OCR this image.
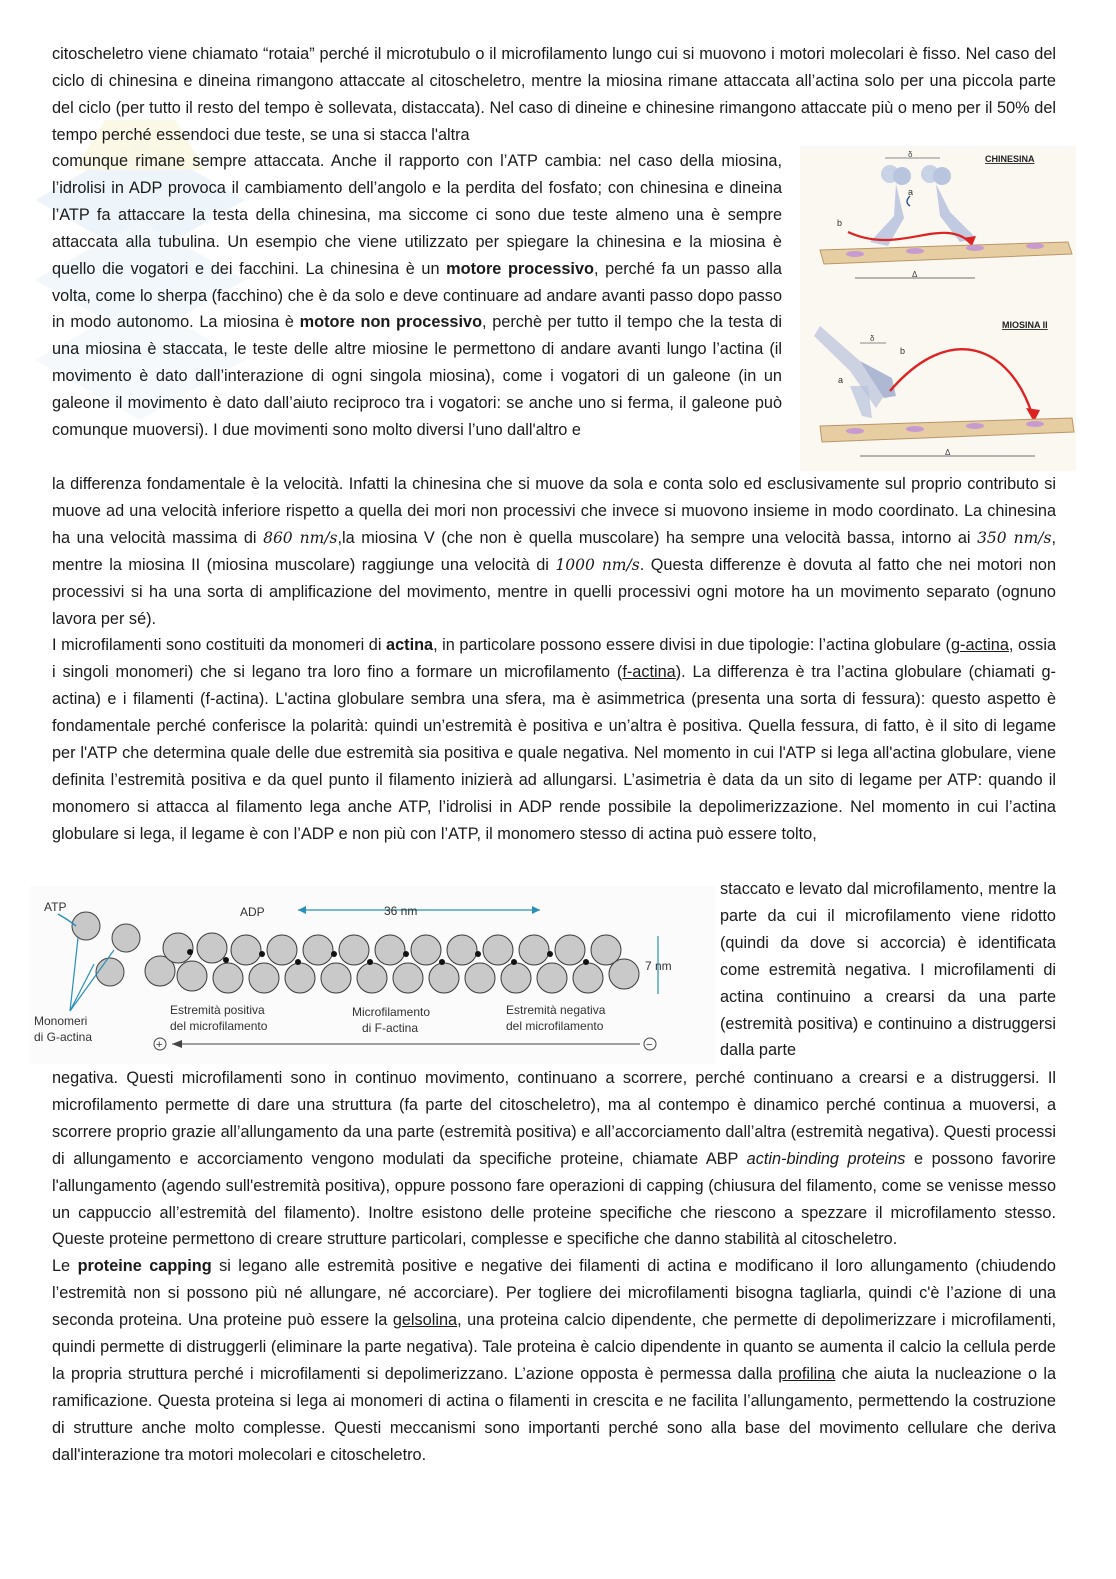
citoscheletro viene chiamato “rotaia” perché il microtubulo o il microfilamento lungo cui si muovono i motori molecolari è fisso. Nel caso del ciclo di chinesina e dineina rimangono attaccate al citoscheletro, mentre la miosina rimane attaccata all’actina solo per una piccola parte del ciclo (per tutto il resto del tempo è sollevata, distaccata). Nel caso di dineine e chinesine rimangono attaccate più o meno per il 50% del tempo perché essendoci due teste, se una si stacca l'altra

comunque rimane sempre attaccata. Anche il rapporto con l’ATP cambia: nel caso della miosina, l’idrolisi in ADP provoca il cambiamento dell’angolo e la perdita del fosfato; con chinesina e dineina l’ATP fa attaccare la testa della chinesina, ma siccome ci sono due teste almeno una è sempre attaccata alla tubulina. Un esempio che viene utilizzato per spiegare la chinesina e la miosina è quello die vogatori e dei facchini. La chinesina è un motore processivo, perché fa un passo alla volta, come lo sherpa (facchino) che è da solo e deve continuare ad andare avanti passo dopo passo in modo autonomo. La miosina è motore non processivo, perchè per tutto il tempo che la testa di una miosina è staccata, le teste delle altre miosine le permettono di andare avanti lungo l’actina (il movimento è dato dall’interazione di ogni singola miosina), come i vogatori di un galeone (in un galeone il movimento è dato dall’aiuto reciproco tra i vogatori: se anche uno si ferma, il galeone può comunque muoversi). I due movimenti sono molto diversi l’uno dall'altro e

CHINESINA
MIOSINA II
δ
a
b
Δ
δ
a
b
Δ

la differenza fondamentale è la velocità. Infatti la chinesina che si muove da sola e conta solo ed esclusivamente sul proprio contributo si muove ad una velocità inferiore rispetto a quella dei mori non processivi che invece si muovono insieme in modo coordinato. La chinesina ha una velocità massima di 860 nm/s,la miosina V (che non è quella muscolare) ha sempre una velocità bassa, intorno ai 350 nm/s, mentre la miosina II (miosina muscolare) raggiunge una velocità di 1000 nm/s. Questa differenze è dovuta al fatto che nei motori non processivi si ha una sorta di amplificazione del movimento, mentre in quelli processivi ogni motore ha un movimento separato (ognuno lavora per sé).

I microfilamenti sono costituiti da monomeri di actina, in particolare possono essere divisi in due tipologie: l’actina globulare (g-actina, ossia i singoli monomeri) che si legano tra loro fino a formare un microfilamento (f-actina). La differenza è tra l’actina globulare (chiamati g-actina) e i filamenti (f-actina). L'actina globulare sembra una sfera, ma è asimmetrica (presenta una sorta di fessura): questo aspetto è fondamentale perché conferisce la polarità: quindi un’estremità è positiva e un’altra è positiva. Quella fessura, di fatto, è il sito di legame per l'ATP che determina quale delle due estremità sia positiva e quale negativa. Nel momento in cui l'ATP si lega all'actina globulare, viene definita l’estremità positiva e da quel punto il filamento inizierà ad allungarsi. L’asimetria è data da un sito di legame per ATP: quando il monomero si attacca al filamento lega anche ATP, l’idrolisi in ADP rende possibile la depolimerizzazione. Nel momento in cui l’actina globulare si lega, il legame è con l’ADP e non più con l’ATP, il monomero stesso di actina può essere tolto,

ATP	ADP	36 nm
7 nm
Monomeri
di G-actina
Estremità positiva
del microfilamento
Microfilamento
di F-actina
Estremità negativa
del microfilamento
+	−

staccato e levato dal microfilamento, mentre la parte da cui il microfilamento viene ridotto (quindi da dove si accorcia) è identificata come estremità negativa. I microfilamenti di actina continuino a crearsi da una parte (estremità positiva) e continuino a distruggersi dalla parte

negativa. Questi microfilamenti sono in continuo movimento, continuano a scorrere, perché continuano a crearsi e a distruggersi. Il microfilamento permette di dare una struttura (fa parte del citoscheletro), ma al contempo è dinamico perché continua a muoversi, a scorrere proprio grazie all’allungamento da una parte (estremità positiva) e all’accorciamento dall’altra (estremità negativa). Questi processi di allungamento e accorciamento vengono modulati da specifiche proteine, chiamate ABP actin-binding proteins e possono favorire l'allungamento (agendo sull'estremità positiva), oppure possono fare operazioni di capping (chiusura del filamento, come se venisse messo un cappuccio all’estremità del filamento). Inoltre esistono delle proteine specifiche che riescono a spezzare il microfilamento stesso. Queste proteine permettono di creare strutture particolari, complesse e specifiche che danno stabilità al citoscheletro.

Le proteine capping si legano alle estremità positive e negative dei filamenti di actina e modificano il loro allungamento (chiudendo l’estremità non si possono più né allungare, né accorciare). Per togliere dei microfilamenti bisogna tagliarla, quindi c'è l’azione di una seconda proteina. Una proteine può essere la gelsolina, una proteina calcio dipendente, che permette di depolimerizzare i microfilamenti, quindi permette di distruggerli (eliminare la parte negativa). Tale proteina è calcio dipendente in quanto se aumenta il calcio la cellula perde la propria struttura perché i microfilamenti si depolimerizzano. L’azione opposta è permessa dalla profilina che aiuta la nucleazione o la ramificazione. Questa proteina si lega ai monomeri di actina o filamenti in crescita e ne facilita l’allungamento, permettendo la costruzione di strutture anche molto complesse. Questi meccanismi sono importanti perché sono alla base del movimento cellulare che deriva dall'interazione tra motori molecolari e citoscheletro.
